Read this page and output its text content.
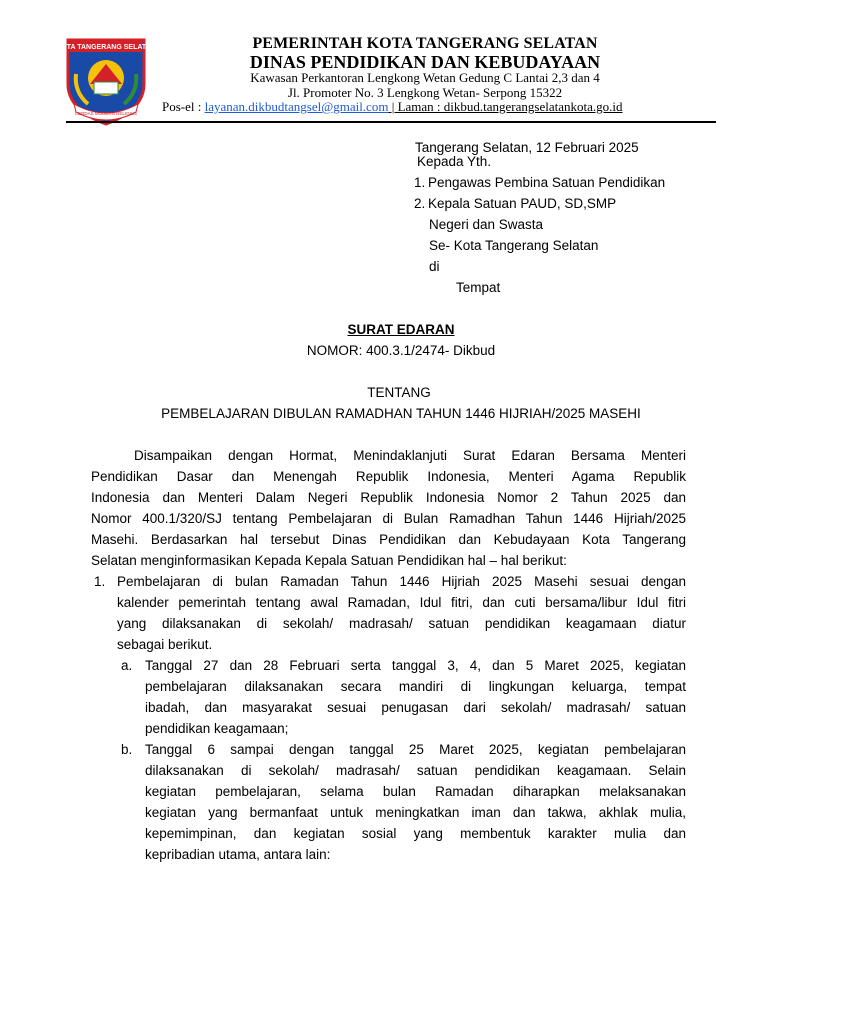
KOTA TANGERANG SELATAN
CERDAS MODERN RELIGIUS
PEMERINTAH KOTA TANGERANG SELATAN
DINAS PENDIDIKAN DAN KEBUDAYAAN
Kawasan Perkantoran Lengkong Wetan Gedung C Lantai 2,3 dan 4
Jl. Promoter No. 3 Lengkong Wetan- Serpong 15322
Pos-el : layanan.dikbudtangsel@gmail.com | Laman : dikbud.tangerangselatankota.go.id
Tangerang Selatan, 12 Februari 2025
Kepada Yth.
1. Pengawas Pembina Satuan Pendidikan
2. Kepala Satuan PAUD, SD,SMP
Negeri dan Swasta
Se- Kota Tangerang Selatan
di
Tempat
SURAT EDARAN
NOMOR: 400.3.1/2474- Dikbud
TENTANG
PEMBELAJARAN DIBULAN RAMADHAN TAHUN 1446 HIJRIAH/2025 MASEHI
Disampaikan dengan Hormat, Menindaklanjuti Surat Edaran Bersama Menteri
Pendidikan Dasar dan Menengah Republik Indonesia, Menteri Agama Republik
Indonesia dan Menteri Dalam Negeri Republik Indonesia Nomor 2 Tahun 2025 dan
Nomor 400.1/320/SJ tentang Pembelajaran di Bulan Ramadhan Tahun 1446 Hijriah/2025
Masehi. Berdasarkan hal tersebut Dinas Pendidikan dan Kebudayaan Kota Tangerang
Selatan menginformasikan Kepada Kepala Satuan Pendidikan hal – hal berikut:
1. Pembelajaran di bulan Ramadan Tahun 1446 Hijriah 2025 Masehi sesuai dengan
kalender pemerintah tentang awal Ramadan, Idul fitri, dan cuti bersama/libur Idul fitri
yang dilaksanakan di sekolah/ madrasah/ satuan pendidikan keagamaan diatur
sebagai berikut.
a. Tanggal 27 dan 28 Februari serta tanggal 3, 4, dan 5 Maret 2025, kegiatan
pembelajaran dilaksanakan secara mandiri di lingkungan keluarga, tempat
ibadah, dan masyarakat sesuai penugasan dari sekolah/ madrasah/ satuan
pendidikan keagamaan;
b. Tanggal 6 sampai dengan tanggal 25 Maret 2025, kegiatan pembelajaran
dilaksanakan di sekolah/ madrasah/ satuan pendidikan keagamaan. Selain
kegiatan pembelajaran, selama bulan Ramadan diharapkan melaksanakan
kegiatan yang bermanfaat untuk meningkatkan iman dan takwa, akhlak mulia,
kepemimpinan, dan kegiatan sosial yang membentuk karakter mulia dan
kepribadian utama, antara lain:
